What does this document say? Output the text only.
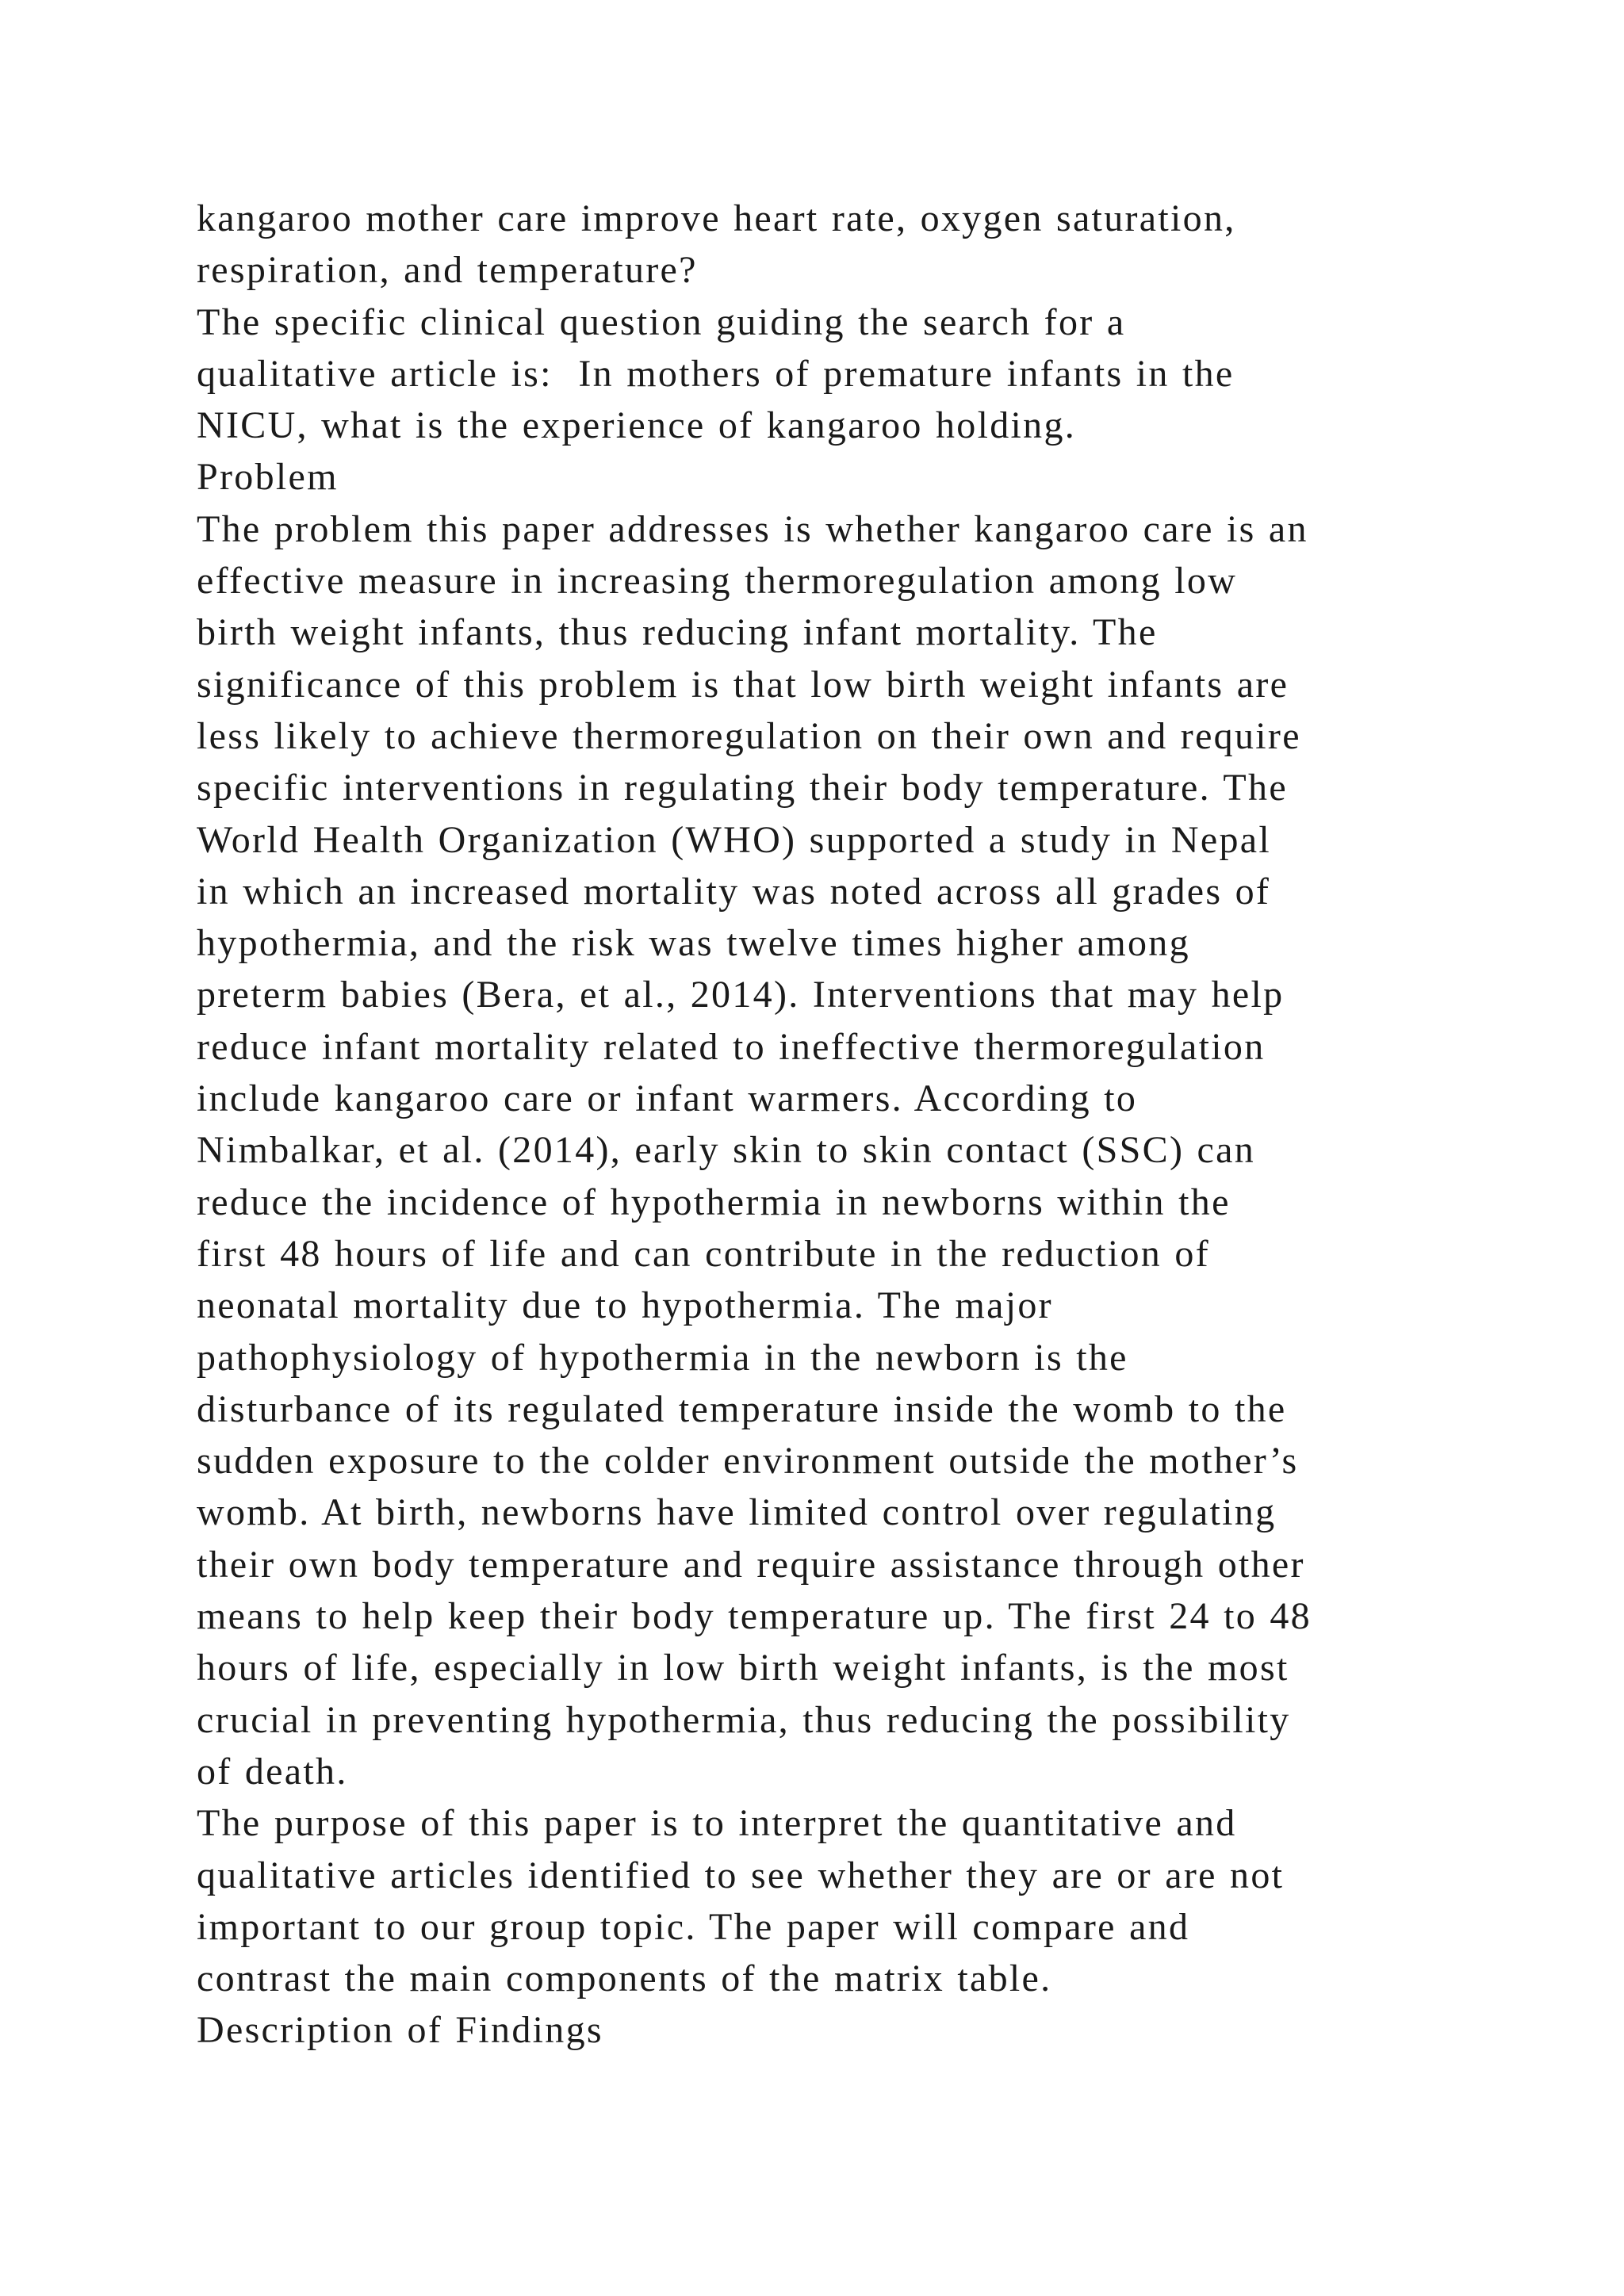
kangaroo mother care improve heart rate, oxygen saturation,
respiration, and temperature?
The specific clinical question guiding the search for a
qualitative article is:  In mothers of premature infants in the
NICU, what is the experience of kangaroo holding.
Problem
The problem this paper addresses is whether kangaroo care is an
effective measure in increasing thermoregulation among low
birth weight infants, thus reducing infant mortality. The
significance of this problem is that low birth weight infants are
less likely to achieve thermoregulation on their own and require
specific interventions in regulating their body temperature. The
World Health Organization (WHO) supported a study in Nepal
in which an increased mortality was noted across all grades of
hypothermia, and the risk was twelve times higher among
preterm babies (Bera, et al., 2014). Interventions that may help
reduce infant mortality related to ineffective thermoregulation
include kangaroo care or infant warmers. According to
Nimbalkar, et al. (2014), early skin to skin contact (SSC) can
reduce the incidence of hypothermia in newborns within the
first 48 hours of life and can contribute in the reduction of
neonatal mortality due to hypothermia. The major
pathophysiology of hypothermia in the newborn is the
disturbance of its regulated temperature inside the womb to the
sudden exposure to the colder environment outside the mother’s
womb. At birth, newborns have limited control over regulating
their own body temperature and require assistance through other
means to help keep their body temperature up. The first 24 to 48
hours of life, especially in low birth weight infants, is the most
crucial in preventing hypothermia, thus reducing the possibility
of death.
The purpose of this paper is to interpret the quantitative and
qualitative articles identified to see whether they are or are not
important to our group topic. The paper will compare and
contrast the main components of the matrix table.
Description of Findings
